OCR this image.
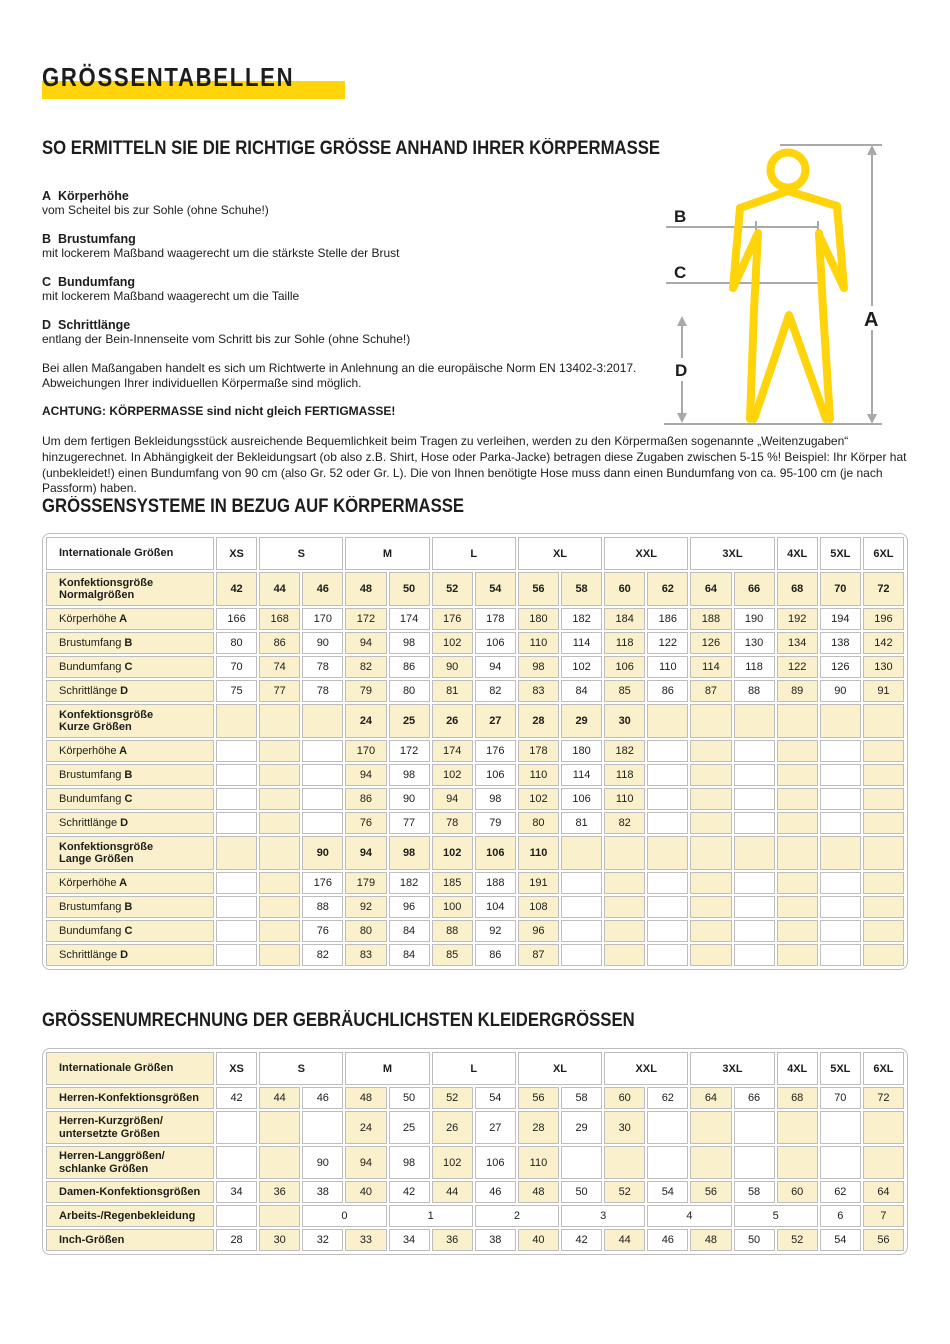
GRÖSSENTABELLEN
SO ERMITTELN SIE DIE RICHTIGE GRÖSSE ANHAND IHRER KÖRPERMASSE
A Körperhöhe
vom Scheitel bis zur Sohle (ohne Schuhe!)
B Brustumfang
mit lockerem Maßband waagerecht um die stärkste Stelle der Brust
C Bundumfang
mit lockerem Maßband waagerecht um die Taille
D Schrittlänge
entlang der Bein-Innenseite vom Schritt bis zur Sohle (ohne Schuhe!)
Bei allen Maßangaben handelt es sich um Richtwerte in Anlehnung an die europäische Norm EN 13402-3:2017.
Abweichungen Ihrer individuellen Körpermaße sind möglich.

ACHTUNG: KÖRPERMASSE sind nicht gleich FERTIGMASSE!

Um dem fertigen Bekleidungsstück ausreichende Bequemlichkeit beim Tragen zu verleihen, werden zu den Körpermaßen sogenannte „Weitenzugaben“ hinzugerechnet. In Abhängigkeit der Bekleidungsart (ob also z.B. Shirt, Hose oder Parka-Jacke) betragen diese Zugaben zwischen 5-15 %! Beispiel: Ihr Körper hat (unbekleidet!) einen Bundumfang von 90 cm (also Gr. 52 oder Gr. L). Die von Ihnen benötigte Hose muss dann einen Bundumfang von ca. 95-100 cm (je nach Passform) haben.

B
C
A
D
GRÖSSENSYSTEME IN BEZUG AUF KÖRPERMASSE
Internationale Größen	XS	S		M		L		XL		XXL		3XL		4XL	5XL	6XL

Konfektionsgröße
Normalgrößen	42	44	46	48	50	52	54	56	58	60	62	64	66	68	70	72

Körperhöhe A	166	168	170	172	174	176	178	180	182	184	186	188	190	192	194	196

Brustumfang B	80	86	90	94	98	102	106	110	114	118	122	126	130	134	138	142

Bundumfang C	70	74	78	82	86	90	94	98	102	106	110	114	118	122	126	130

Schrittlänge D	75	77	78	79	80	81	82	83	84	85	86	87	88	89	90	91

Konfektionsgröße
Kurze Größen				24	25	26	27	28	29	30						

Körperhöhe A				170	172	174	176	178	180	182						

Brustumfang B				94	98	102	106	110	114	118						

Bundumfang C				86	90	94	98	102	106	110						

Schrittlänge D				76	77	78	79	80	81	82						

Konfektionsgröße
Lange Größen			90	94	98	102	106	110								

Körperhöhe A			176	179	182	185	188	191								

Brustumfang B			88	92	96	100	104	108								

Bundumfang C			76	80	84	88	92	96								

Schrittlänge D			82	83	84	85	86	87								
GRÖSSENUMRECHNUNG DER GEBRÄUCHLICHSTEN KLEIDERGRÖSSEN
Internationale Größen	XS	S		M		L		XL		XXL		3XL		4XL	5XL	6XL

Herren-Konfektionsgrößen	42	44	46	48	50	52	54	56	58	60	62	64	66	68	70	72

Herren-Kurzgrößen/
untersetzte Größen				24	25	26	27	28	29	30						

Herren-Langgrößen/
schlanke Größen			90	94	98	102	106	110								

Damen-Konfektionsgrößen	34	36	38	40	42	44	46	48	50	52	54	56	58	60	62	64

Arbeits-/Regenbekleidung			0		1		2		3		4		5		6	7

Inch-Größen	28	30	32	33	34	36	38	40	42	44	46	48	50	52	54	56
